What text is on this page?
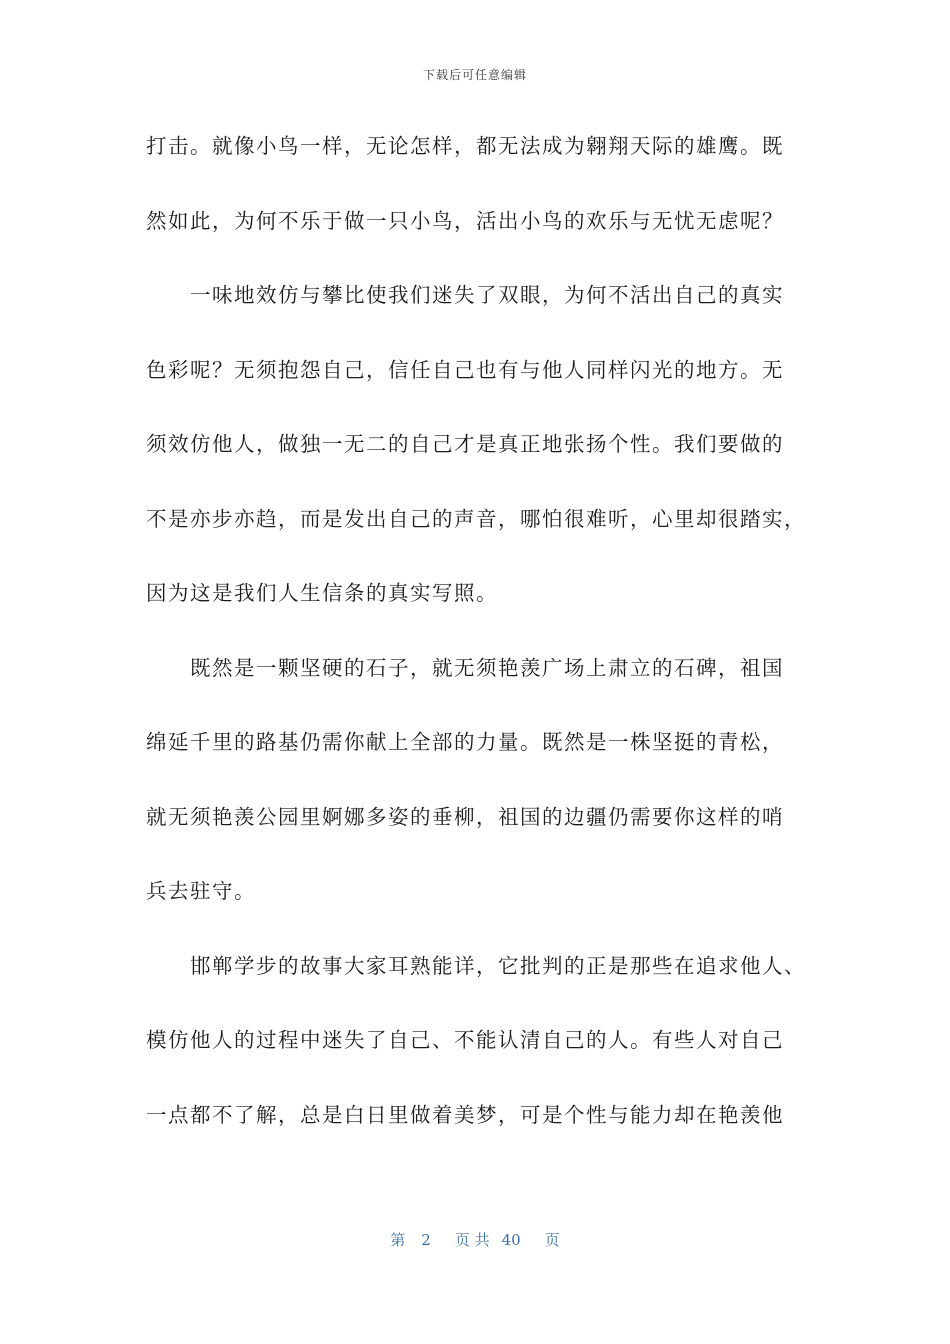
下载后可任意编辑
打击。就像小鸟一样，无论怎样，都无法成为翱翔天际的雄鹰。既
然如此，为何不乐于做一只小鸟，活出小鸟的欢乐与无忧无虑呢？
一味地效仿与攀比使我们迷失了双眼，为何不活出自己的真实
色彩呢？无须抱怨自己，信任自己也有与他人同样闪光的地方。无
须效仿他人，做独一无二的自己才是真正地张扬个性。我们要做的
不是亦步亦趋，而是发出自己的声音，哪怕很难听，心里却很踏实，
因为这是我们人生信条的真实写照。
既然是一颗坚硬的石子，就无须艳羡广场上肃立的石碑，祖国
绵延千里的路基仍需你献上全部的力量。既然是一株坚挺的青松，
就无须艳羡公园里婀娜多姿的垂柳，祖国的边疆仍需要你这样的哨
兵去驻守。
邯郸学步的故事大家耳熟能详，它批判的正是那些在追求他人、
模仿他人的过程中迷失了自己、不能认清自己的人。有些人对自己
一点都不了解，总是白日里做着美梦，可是个性与能力却在艳羡他
第 2 页 共 40 页
